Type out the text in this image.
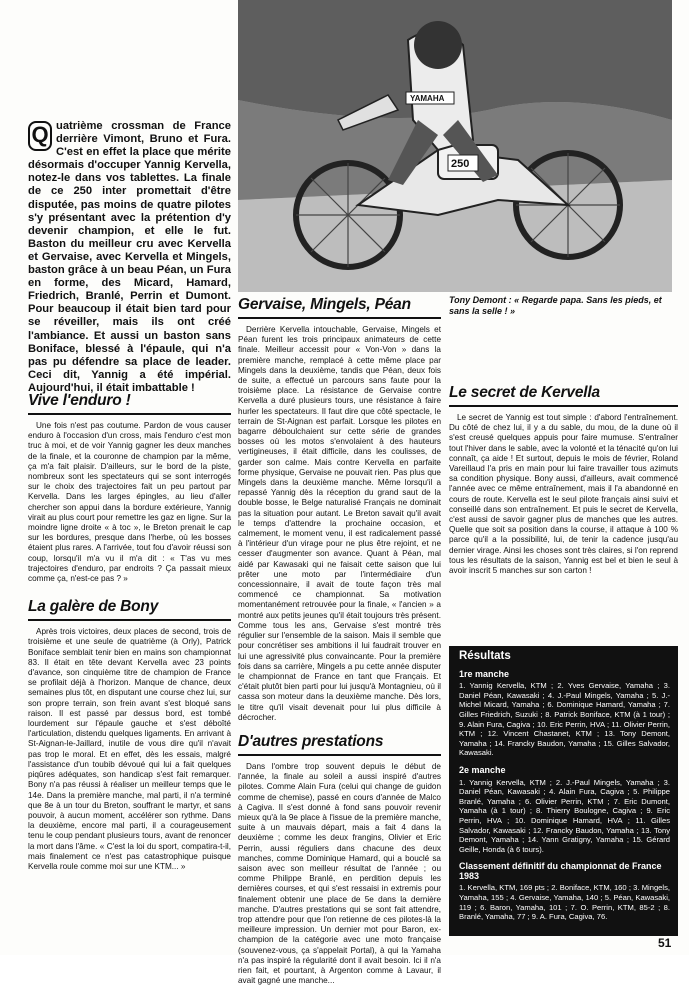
YAMAHA
250
Tony Demont : « Regarde papa. Sans les pieds, et sans la selle ! »
Q uatrième crossman de France derrière Vimont, Bruno et Fura. C'est en effet la place que mérite désormais d'occuper Yannig Kervella, notez-le dans vos tablettes. La finale de ce 250 inter promettait d'être disputée, pas moins de quatre pilotes s'y présentant avec la prétention d'y devenir champion, et elle le fut. Baston du meilleur cru avec Kervella et Gervaise, avec Kervella et Mingels, baston grâce à un beau Péan, un Fura en forme, des Micard, Hamard, Friedrich, Branlé, Perrin et Dumont. Pour beaucoup il était bien tard pour se réveiller, mais ils ont créé l'ambiance. Et aussi un baston sans Boniface, blessé à l'épaule, qui n'a pas pu défendre sa place de leader. Ceci dit, Yannig a été impérial. Aujourd'hui, il était imbattable !
Vive l'enduro !

Une fois n'est pas coutume. Pardon de vous causer enduro à l'occasion d'un cross, mais l'enduro c'est mon truc à moi, et de voir Yannig gagner les deux manches de la finale, et la couronne de champion par la même, ça m'a fait plaisir. D'ailleurs, sur le bord de la piste, nombreux sont les spectateurs qui se sont interrogés sur le choix des trajectoires fait un peu partout par Kervella. Dans les larges épingles, au lieu d'aller chercher son appui dans la bordure extérieure, Yannig virait au plus court pour remettre les gaz en ligne. Sur la moindre ligne droite « à toc », le Breton prenait le cap sur les bordures, presque dans l'herbe, où les bosses étaient plus rares. A l'arrivée, tout fou d'avoir réussi son coup, lorsqu'il m'a vu il m'a dit : « T'as vu mes trajectoires d'enduro, par endroits ? Ça passait mieux comme ça, n'est-ce pas ? »

La galère de Bony

Après trois victoires, deux places de second, trois de troisième et une seule de quatrième (à Orly), Patrick Boniface semblait tenir bien en mains son championnat 83. Il était en tête devant Kervella avec 23 points d'avance, son cinquième titre de champion de France se profilait déjà à l'horizon. Manque de chance, deux semaines plus tôt, en disputant une course chez lui, sur son propre terrain, son frein avant s'est bloqué sans raison. Il est passé par dessus bord, est tombé lourdement sur l'épaule gauche et s'est déboîté l'articulation, distendu quelques ligaments. En arrivant à St-Aignan-le-Jaillard, inutile de vous dire qu'il n'avait pas trop le moral. Et en effet, dès les essais, malgré l'assistance d'un toubib dévoué qui lui a fait quelques piqûres adéquates, son handicap s'est fait remarquer. Bony n'a pas réussi à réaliser un meilleur temps que le 14e. Dans la première manche, mal parti, il n'a terminé que 8e à un tour du Breton, souffrant le martyr, et sans pouvoir, à aucun moment, accélérer son rythme. Dans la deuxième, encore mal parti, il a courageusement tenu le coup pendant plusieurs tours, avant de renoncer la mort dans l'âme. « C'est la loi du sport, compatira-t-il, mais finalement ce n'est pas catastrophique puisque Kervella roule comme moi sur une KTM... »

Gervaise, Mingels, Péan

Derrière Kervella intouchable, Gervaise, Mingels et Péan furent les trois principaux animateurs de cette finale. Meilleur accessit pour « Von-Von » dans la première manche, remplacé à cette même place par Mingels dans la deuxième, tandis que Péan, deux fois de suite, a effectué un parcours sans faute pour la troisième place. La résistance de Gervaise contre Kervella a duré plusieurs tours, une résistance à faire hurler les spectateurs. Il faut dire que côté spectacle, le terrain de St-Aignan est parfait. Lorsque les pilotes en bagarre déboulchaient sur cette série de grandes bosses où les motos s'envolaient à des hauteurs vertigineuses, il était difficile, dans les coulisses, de garder son calme. Mais contre Kervella en parfaite forme physique, Gervaise ne pouvait rien. Pas plus que Mingels dans la deuxième manche. Même lorsqu'il a repassé Yannig dès la réception du grand saut de la double bosse, le Belge naturalisé Français ne dominait pas la situation pour autant. Le Breton savait qu'il avait le temps d'attendre la prochaine occasion, et calmement, le moment venu, il est radicalement passé à l'intérieur d'un virage pour ne plus être rejoint, et ne cesser d'augmenter son avance. Quant à Péan, mal aidé par Kawasaki qui ne faisait cette saison que lui prêter une moto par l'intermédiaire d'un concessionnaire, il avait de toute façon très mal commencé ce championnat. Sa motivation momentanément retrouvée pour la finale, « l'ancien » a montré aux petits jeunes qu'il était toujours très présent. Comme tous les ans, Gervaise s'est montré très régulier sur l'ensemble de la saison. Mais il semble que pour concrétiser ses ambitions il lui faudrait trouver en lui une agressivité plus convaincante. Pour la première fois dans sa carrière, Mingels a pu cette année disputer le championnat de France en tant que Français. Et c'était plutôt bien parti pour lui jusqu'à Montagnieu, où il cassa son moteur dans la deuxième manche. Dès lors, le titre qu'il visait devenait pour lui plus difficile à décrocher.

D'autres prestations

Dans l'ombre trop souvent depuis le début de l'année, la finale au soleil a aussi inspiré d'autres pilotes. Comme Alain Fura (celui qui change de guidon comme de chemise), passé en cours d'année de Malco à Cagiva. Il s'est donné à fond sans pouvoir revenir mieux qu'à la 9e place à l'issue de la première manche, suite à un mauvais départ, mais a fait 4 dans la deuxième ; comme les deux frangins, Olivier et Eric Perrin, aussi réguliers dans chacune des deux manches, comme Dominique Hamard, qui a bouclé sa saison avec son meilleur résultat de l'année ; ou comme Philippe Branlé, en perdition depuis les dernières courses, et qui s'est ressaisi in extremis pour finalement obtenir une place de 5e dans la dernière manche. D'autres prestations qui se sont fait attendre, trop attendre pour que l'on retienne de ces pilotes-là la meilleure impression. Un dernier mot pour Baron, ex-champion de la catégorie avec une moto française (souvenez-vous, ça s'appelait Portal), à qui la Yamaha n'a pas inspiré la régularité dont il avait besoin. Ici il n'a rien fait, et pourtant, à Argenton comme à Lavaur, il avait gagné une manche...

Le secret de Kervella

Le secret de Yannig est tout simple : d'abord l'entraînement. Du côté de chez lui, il y a du sable, du mou, de la dune où il s'est creusé quelques appuis pour faire mumuse. S'entraîner tout l'hiver dans le sable, avec la volonté et la ténacité qu'on lui connaît, ça aide ! Et surtout, depuis le mois de février, Roland Vareillaud l'a pris en main pour lui faire travailler tous azimuts sa condition physique. Bony aussi, d'ailleurs, avait commencé l'année avec ce même entraînement, mais il l'a abandonné en cours de route. Kervella est le seul pilote français ainsi suivi et conseillé dans son entraînement. Et puis le secret de Kervella, c'est aussi de savoir gagner plus de manches que les autres. Quelle que soit sa position dans la course, il attaque à 100 % parce qu'il a la possibilité, lui, de tenir la cadence jusqu'au dernier virage. Ainsi les choses sont très claires, si l'on reprend tous les résultats de la saison, Yannig est bel et bien le seul à avoir inscrit 5 manches sur son carton !

Résultats
1re manche
1. Yannig Kervella, KTM ; 2. Yves Gervaise, Yamaha ; 3. Daniel Péan, Kawasaki ; 4. J.-Paul Mingels, Yamaha ; 5. J.-Michel Micard, Yamaha ; 6. Dominique Hamard, Yamaha ; 7. Gilles Friedrich, Suzuki ; 8. Patrick Boniface, KTM (à 1 tour) ; 9. Alain Fura, Cagiva ; 10. Eric Perrin, HVA ; 11. Olivier Perrin, KTM ; 12. Vincent Chastanet, KTM ; 13. Tony Demont, Yamaha ; 14. Francky Baudon, Yamaha ; 15. Gilles Salvador, Kawasaki.
2e manche
1. Yannig Kervella, KTM ; 2. J.-Paul Mingels, Yamaha ; 3. Daniel Péan, Kawasaki ; 4. Alain Fura, Cagiva ; 5. Philippe Branlé, Yamaha ; 6. Olivier Perrin, KTM ; 7. Eric Dumont, Yamaha (à 1 tour) ; 8. Thierry Boulogne, Cagiva ; 9. Eric Perrin, HVA ; 10. Dominique Hamard, HVA ; 11. Gilles Salvador, Kawasaki ; 12. Francky Baudon, Yamaha ; 13. Tony Demont, Yamaha ; 14. Yann Gratigny, Yamaha ; 15. Gérard Geille, Honda (à 6 tours).
Classement définitif du championnat de France 1983
1. Kervella, KTM, 169 pts ; 2. Boniface, KTM, 160 ; 3. Mingels, Yamaha, 155 ; 4. Gervaise, Yamaha, 140 ; 5. Péan, Kawasaki, 119 ; 6. Baron, Yamaha, 101 ; 7. O. Perrin, KTM, 85-2 ; 8. Branlé, Yamaha, 77 ; 9. A. Fura, Cagiva, 76.
51
